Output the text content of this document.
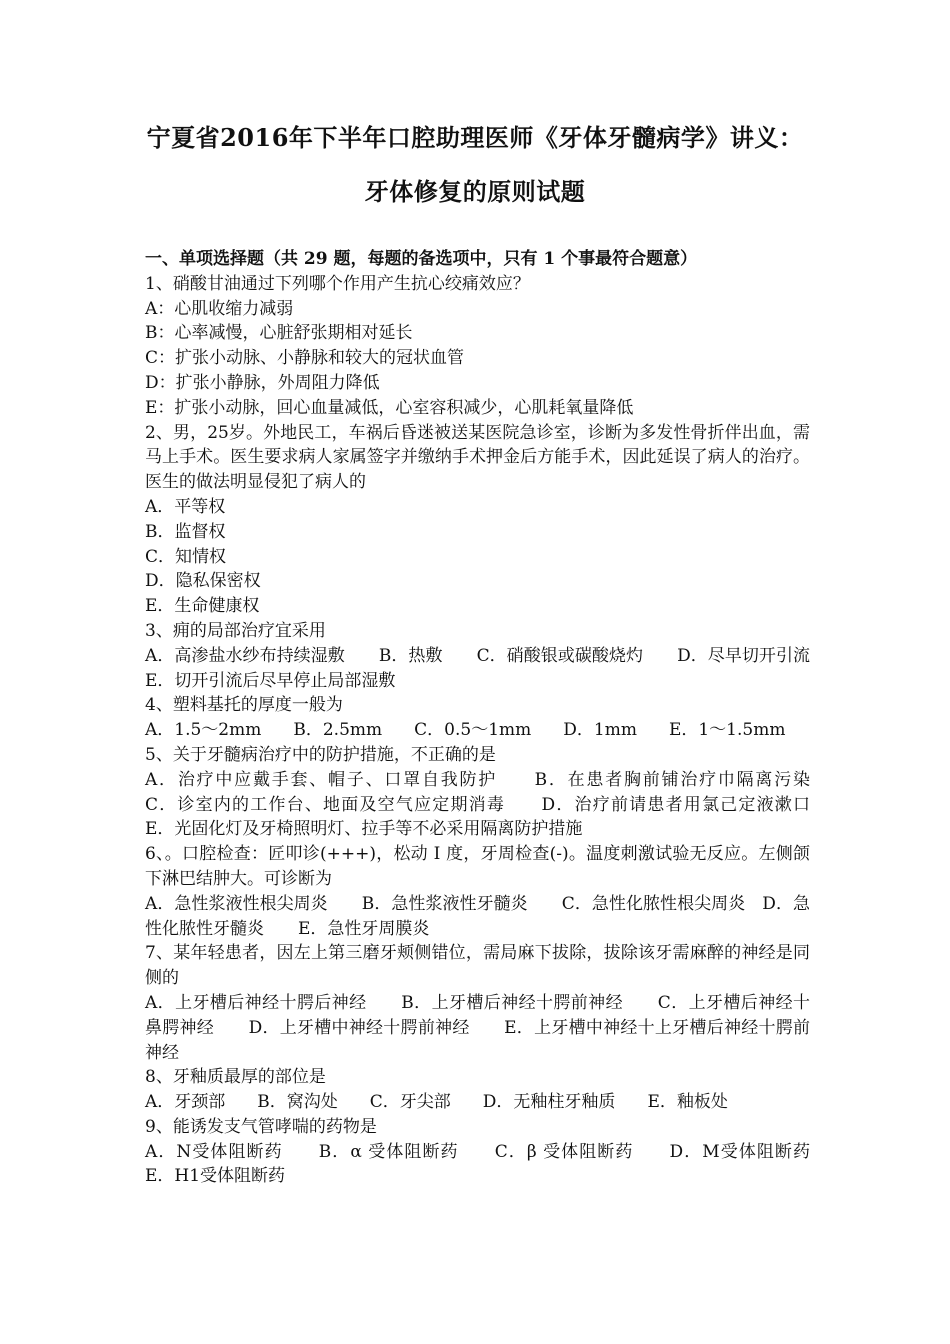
宁夏省2016年下半年口腔助理医师《牙体牙髓病学》讲义：
牙体修复的原则试题
一、单项选择题（共 29 题，每题的备选项中，只有 1 个事最符合题意）
1、硝酸甘油通过下列哪个作用产生抗心绞痛效应？
A：心肌收缩力减弱
B：心率减慢，心脏舒张期相对延长
C：扩张小动脉、小静脉和较大的冠状血管
D：扩张小静脉，外周阻力降低
E：扩张小动脉，回心血量减低，心室容积减少，心肌耗氧量降低
2、男，25岁。外地民工，车祸后昏迷被送某医院急诊室，诊断为多发性骨折伴出血，需马上手术。医生要求病人家属签字并缴纳手术押金后方能手术，因此延误了病人的治疗。医生的做法明显侵犯了病人的
A．平等权
B．监督权
C．知情权
D．隐私保密权
E．生命健康权
3、痈的局部治疗宜采用
A．高渗盐水纱布持续湿敷　　B．热敷　　C．硝酸银或碳酸烧灼　　D．尽早切开引流　　E．切开引流后尽早停止局部湿敷
4、塑料基托的厚度一般为
A．1.5～2mm B．2.5mm C．0.5～1mm D．1mm E．1～1.5mm
5、关于牙髓病治疗中的防护措施，不正确的是
A．治疗中应戴手套、帽子、口罩自我防护　　B．在患者胸前铺治疗巾隔离污染　　C．诊室内的工作台、地面及空气应定期消毒　　D．治疗前请患者用氯己定液漱口　　E．光固化灯及牙椅照明灯、拉手等不必采用隔离防护措施
6、。口腔检查：匠叩诊(+++)，松动 Ⅰ 度，牙周检查(-)。温度刺激试验无反应。左侧颌下淋巴结肿大。可诊断为
A．急性浆液性根尖周炎　　B．急性浆液性牙髓炎　　C．急性化脓性根尖周炎　D．急性化脓性牙髓炎　　E．急性牙周膜炎
7、某年轻患者，因左上第三磨牙颊侧错位，需局麻下拔除，拔除该牙需麻醉的神经是同侧的
A．上牙槽后神经十腭后神经　　B．上牙槽后神经十腭前神经　　C．上牙槽后神经十鼻腭神经　　D．上牙槽中神经十腭前神经　　E．上牙槽中神经十上牙槽后神经十腭前神经
8、牙釉质最厚的部位是
A．牙颈部 B．窝沟处 C．牙尖部 D．无釉柱牙釉质 E．釉板处
9、能诱发支气管哮喘的药物是
A．N受体阻断药　　B．α 受体阻断药　　C．β 受体阻断药　　D．M受体阻断药　　E．H1受体阻断药
